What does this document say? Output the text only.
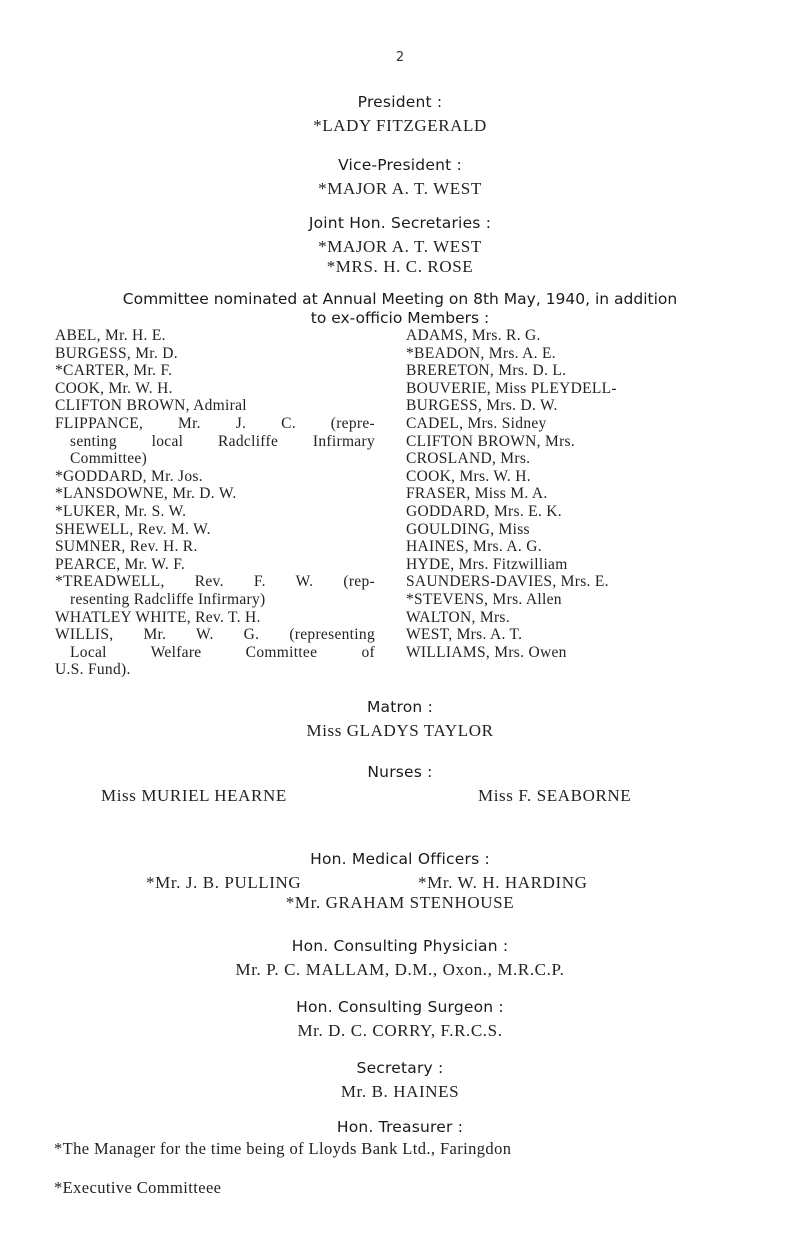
2
President :
*LADY FITZGERALD
Vice-President :
*MAJOR A. T. WEST
Joint Hon. Secretaries :
*MAJOR A. T. WEST
*MRS. H. C. ROSE
Committee nominated at Annual Meeting on 8th May, 1940, in addition
to ex-officio Members :
ABEL, Mr. H. E.
BURGESS, Mr. D.
*CARTER, Mr. F.
COOK, Mr. W. H.
CLIFTON BROWN, Admiral
FLIPPANCE, Mr. J. C. (repre-
senting local Radcliffe Infirmary
Committee)
*GODDARD, Mr. Jos.
*LANSDOWNE, Mr. D. W.
*LUKER, Mr. S. W.
SHEWELL, Rev. M. W.
SUMNER, Rev. H. R.
PEARCE, Mr. W. F.
*TREADWELL, Rev. F. W. (rep-
resenting Radcliffe Infirmary)
WHATLEY WHITE, Rev. T. H.
WILLIS, Mr. W. G. (representing
Local Welfare Committee of
U.S. Fund).
ADAMS, Mrs. R. G.
*BEADON, Mrs. A. E.
BRERETON, Mrs. D. L.
BOUVERIE, Miss PLEYDELL-
BURGESS, Mrs. D. W.
CADEL, Mrs. Sidney
CLIFTON BROWN, Mrs.
CROSLAND, Mrs.
COOK, Mrs. W. H.
FRASER, Miss M. A.
GODDARD, Mrs. E. K.
GOULDING, Miss
HAINES, Mrs. A. G.
HYDE, Mrs. Fitzwilliam
SAUNDERS-DAVIES, Mrs. E.
*STEVENS, Mrs. Allen
WALTON, Mrs.
WEST, Mrs. A. T.
WILLIAMS, Mrs. Owen
Matron :
Miss GLADYS TAYLOR
Nurses :
Miss MURIEL HEARNE	Miss F. SEABORNE
Hon. Medical Officers :
*Mr. J. B. PULLING	*Mr. W. H. HARDING
*Mr. GRAHAM STENHOUSE
Hon. Consulting Physician :
Mr. P. C. MALLAM, D.M., Oxon., M.R.C.P.
Hon. Consulting Surgeon :
Mr. D. C. CORRY, F.R.C.S.
Secretary :
Mr. B. HAINES
Hon. Treasurer :
*The Manager for the time being of Lloyds Bank Ltd., Faringdon
*Executive Committeee
